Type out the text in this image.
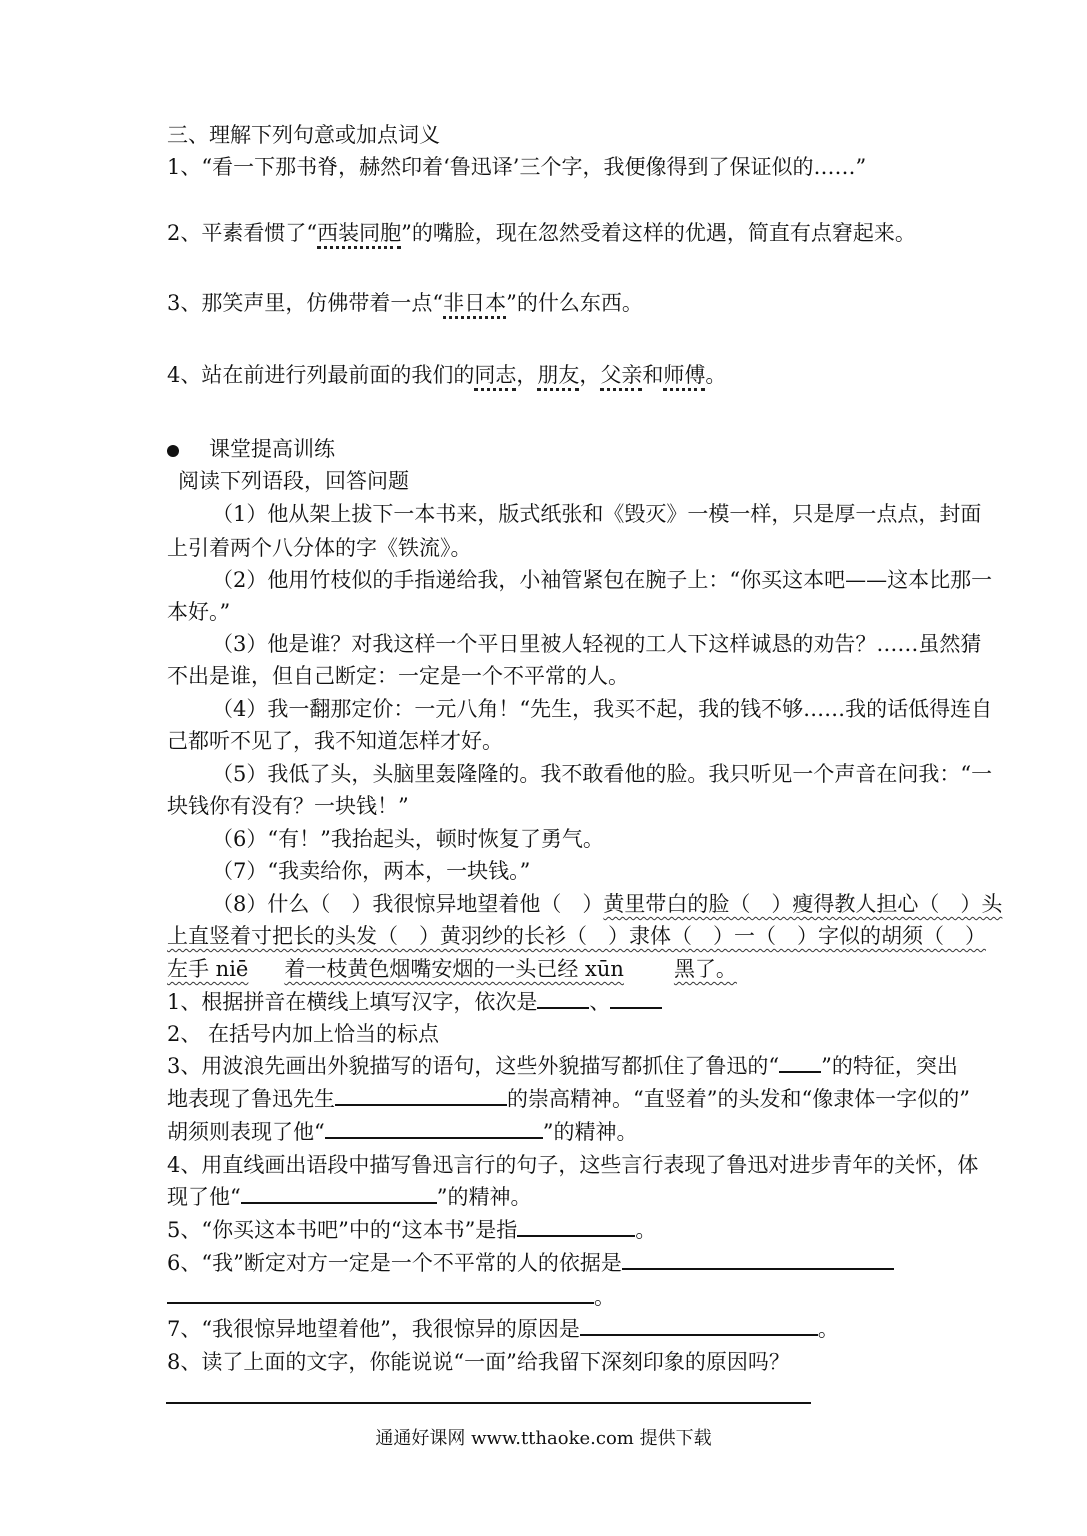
三、理解下列句意或加点词义
1、“看一下那书脊，赫然印着‘鲁迅译’三个字，我便像得到了保证似的……”
2、平素看惯了“西装同胞”的嘴脸，现在忽然受着这样的优遇，简直有点窘起来。
3、那笑声里，仿佛带着一点“非日本”的什么东西。
4、站在前进行列最前面的我们的同志，朋友，父亲和师傅。
课堂提高训练
阅读下列语段，回答问题
（1）他从架上拔下一本书来，版式纸张和《毁灭》一模一样，只是厚一点点，封面
上引着两个八分体的字《铁流》。
（2）他用竹枝似的手指递给我，小袖管紧包在腕子上：“你买这本吧——这本比那一
本好。”
（3）他是谁？对我这样一个平日里被人轻视的工人下这样诚恳的劝告？……虽然猜
不出是谁，但自己断定：一定是一个不平常的人。
（4）我一翻那定价：一元八角！“先生，我买不起，我的钱不够……我的话低得连自
己都听不见了，我不知道怎样才好。
（5）我低了头，头脑里轰隆隆的。我不敢看他的脸。我只听见一个声音在问我：“一
块钱你有没有？一块钱！”
（6）“有！”我抬起头，顿时恢复了勇气。
（7）“我卖给你，两本，一块钱。”
（8）什么（　）我很惊异地望着他（　）黄里带白的脸（　）瘦得教人担心（　）头
上直竖着寸把长的头发（　）黄羽纱的长衫（　）隶体（　）一（　）字似的胡须（　）
左手 niē 着一枝黄色烟嘴安烟的一头已经 xūn 黑了。
1、根据拼音在横线上填写汉字，依次是 、
2、 在括号内加上恰当的标点
3、用波浪先画出外貌描写的语句，这些外貌描写都抓住了鲁迅的“ ”的特征，突出
地表现了鲁迅先生	的崇高精神。“直竖着”的头发和“像隶体一字似的”
胡须则表现了他“	”的精神。
4、用直线画出语段中描写鲁迅言行的句子，这些言行表现了鲁迅对进步青年的关怀，体
现了他“	”的精神。
5、“你买这本书吧”中的“这本书”是指	。
6、“我”断定对方一定是一个不平常的人的依据是
。
7、“我很惊异地望着他”，我很惊异的原因是	。
8、读了上面的文字，你能说说“一面”给我留下深刻印象的原因吗？
通通好课网 www.tthaoke.com 提供下载
